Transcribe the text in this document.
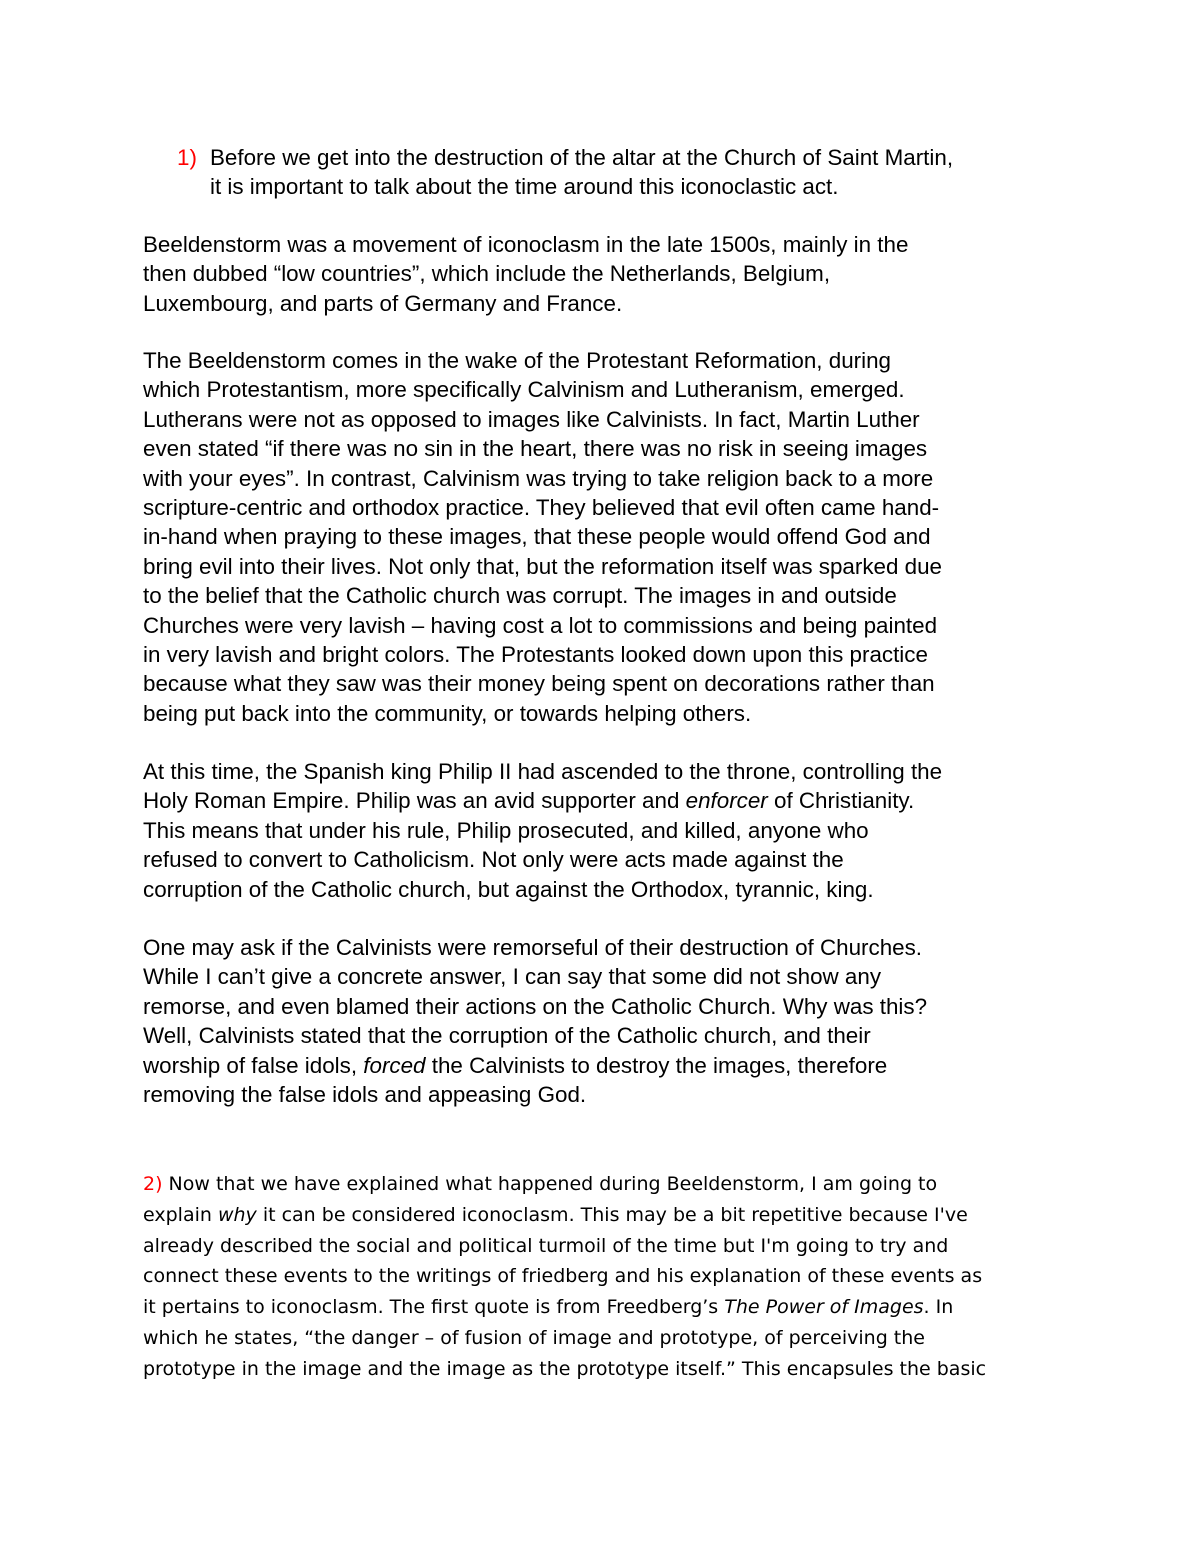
1) Before we get into the destruction of the altar at the Church of Saint Martin,
it is important to talk about the time around this iconoclastic act.
Beeldenstorm was a movement of iconoclasm in the late 1500s, mainly in the
then dubbed “low countries”, which include the Netherlands, Belgium,
Luxembourg, and parts of Germany and France.
The Beeldenstorm comes in the wake of the Protestant Reformation, during
which Protestantism, more specifically Calvinism and Lutheranism, emerged.
Lutherans were not as opposed to images like Calvinists. In fact, Martin Luther
even stated “if there was no sin in the heart, there was no risk in seeing images
with your eyes”. In contrast, Calvinism was trying to take religion back to a more
scripture-centric and orthodox practice. They believed that evil often came hand-
in-hand when praying to these images, that these people would offend God and
bring evil into their lives. Not only that, but the reformation itself was sparked due
to the belief that the Catholic church was corrupt. The images in and outside
Churches were very lavish – having cost a lot to commissions and being painted
in very lavish and bright colors. The Protestants looked down upon this practice
because what they saw was their money being spent on decorations rather than
being put back into the community, or towards helping others.
At this time, the Spanish king Philip II had ascended to the throne, controlling the
Holy Roman Empire. Philip was an avid supporter and enforcer of Christianity.
This means that under his rule, Philip prosecuted, and killed, anyone who
refused to convert to Catholicism. Not only were acts made against the
corruption of the Catholic church, but against the Orthodox, tyrannic, king.
One may ask if the Calvinists were remorseful of their destruction of Churches.
While I can’t give a concrete answer, I can say that some did not show any
remorse, and even blamed their actions on the Catholic Church. Why was this?
Well, Calvinists stated that the corruption of the Catholic church, and their
worship of false idols, forced the Calvinists to destroy the images, therefore
removing the false idols and appeasing God.
2) Now that we have explained what happened during Beeldenstorm, I am going to
explain why it can be considered iconoclasm. This may be a bit repetitive because I've
already described the social and political turmoil of the time but I'm going to try and
connect these events to the writings of friedberg and his explanation of these events as
it pertains to iconoclasm. The first quote is from Freedberg’s The Power of Images. In
which he states, “the danger – of fusion of image and prototype, of perceiving the
prototype in the image and the image as the prototype itself.” This encapsules the basic
